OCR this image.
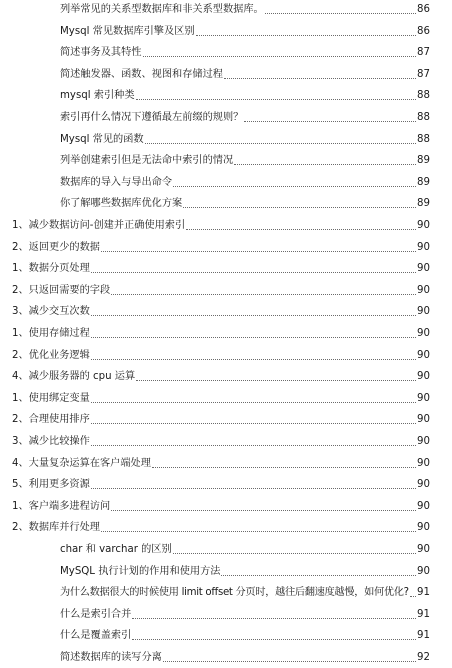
列举常见的关系型数据库和非关系型数据库。	86
Mysql 常见数据库引擎及区别	86
简述事务及其特性	87
简述触发器、函数、视图和存储过程	87
mysql 索引种类	88
索引再什么情况下遵循最左前缀的规则？	88
Mysql 常见的函数	88
列举创建索引但是无法命中索引的情况	89
数据库的导入与导出命令	89
你了解哪些数据库优化方案	89
1、减少数据访问-创建并正确使用索引	90
2、返回更少的数据	90
1、数据分页处理	90
2、只返回需要的字段	90
3、减少交互次数	90
1、使用存储过程	90
2、优化业务逻辑	90
4、减少服务器的 cpu 运算	90
1、使用绑定变量	90
2、合理使用排序	90
3、减少比较操作	90
4、大量复杂运算在客户端处理	90
5、利用更多资源	90
1、客户端多进程访问	90
2、数据库并行处理	90
char 和 varchar 的区别	90
MySQL 执行计划的作用和使用方法	90
为什么数据很大的时候使用 limit offset 分页时，越往后翻速度越慢，如何优化? 91
什么是索引合并	91
什么是覆盖索引	91
简述数据库的读写分离	92
